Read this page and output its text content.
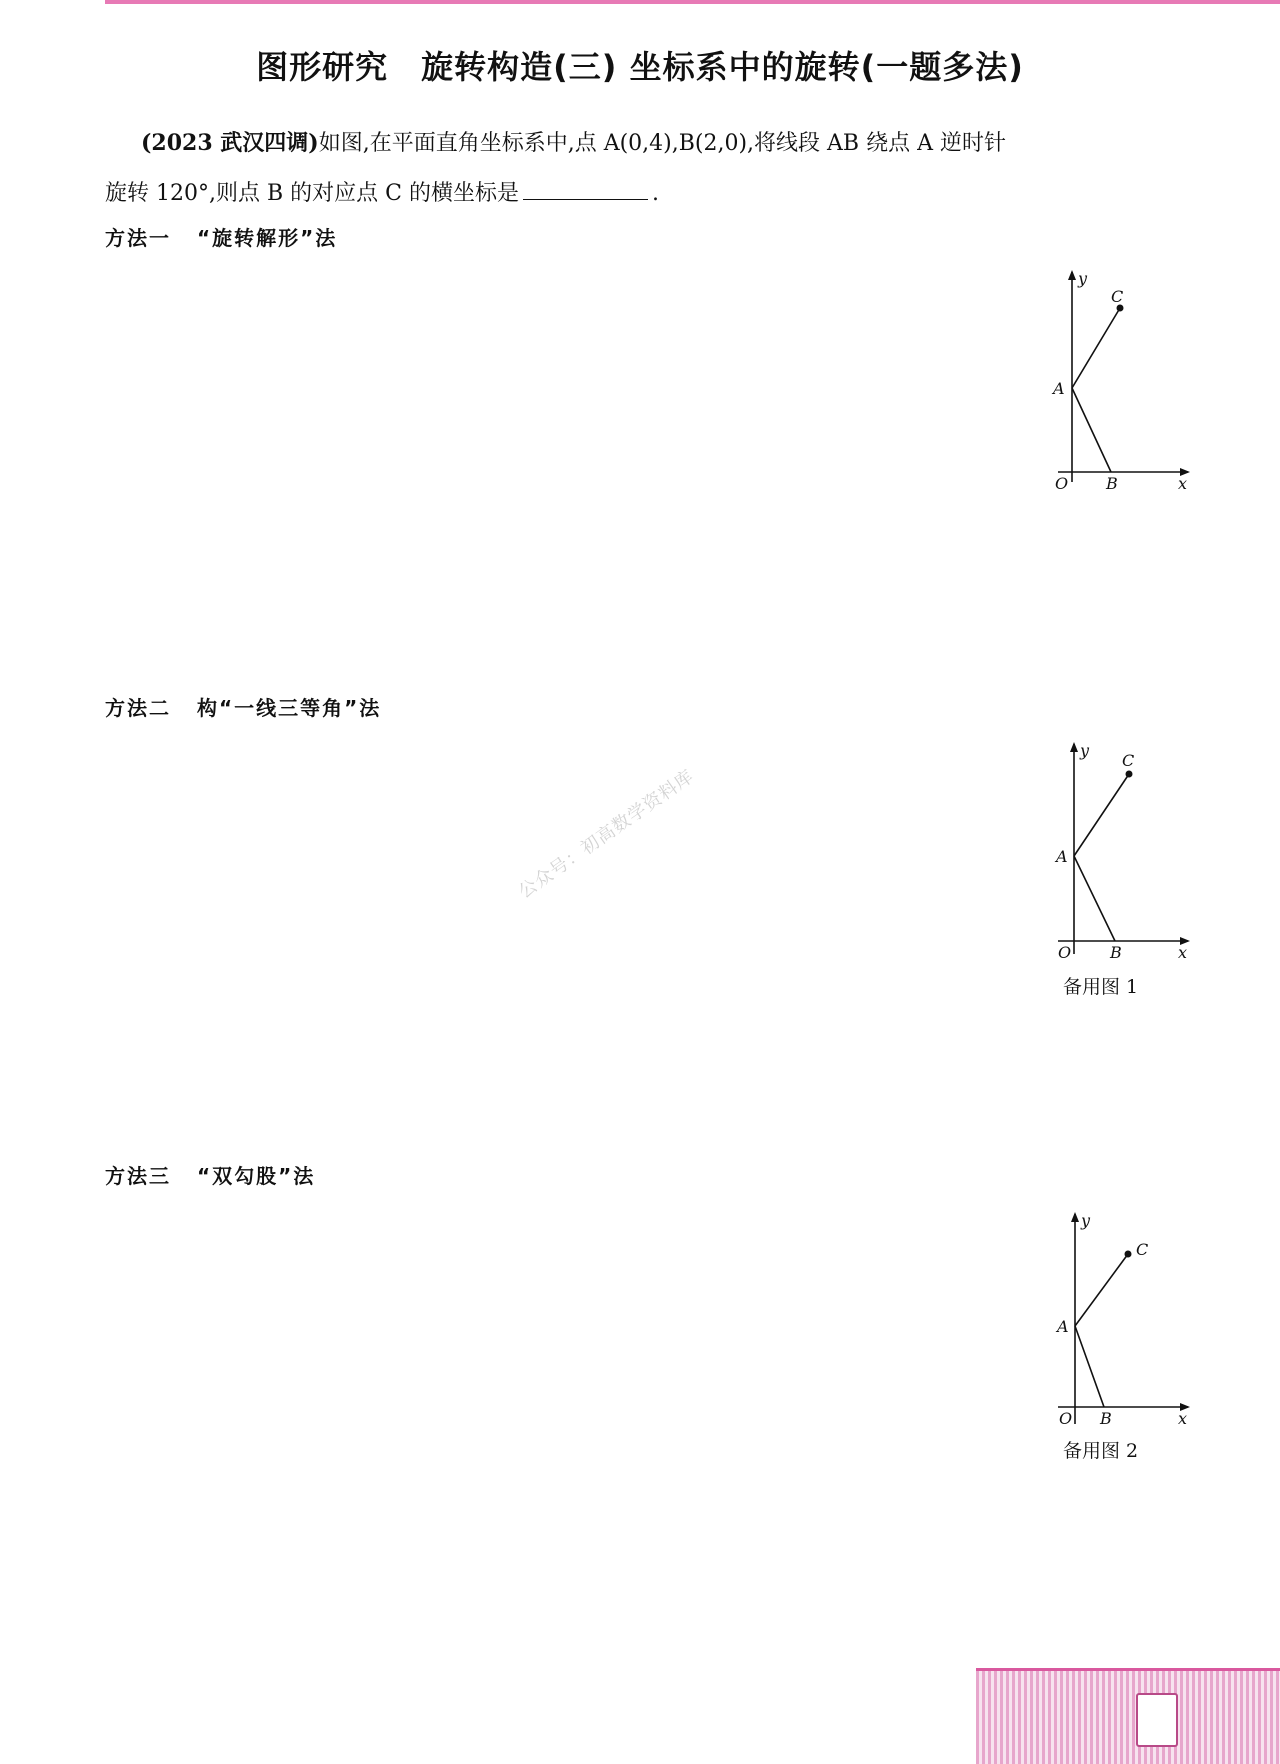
图形研究　旋转构造(三) 坐标系中的旋转(一题多法)
(2023 武汉四调)如图,在平面直角坐标系中,点 A(0,4),B(2,0),将线段 AB 绕点 A 逆时针
旋转 120°,则点 B 的对应点 C 的横坐标是	.
方法一 “旋转解形”法
y
C
A
O B	x
方法二 构“一线三等角”法
y
C
A
O B	x
备用图 1
公众号：初高数学资料库
方法三 “双勾股”法
y
C
A
O B	x
备用图 2
